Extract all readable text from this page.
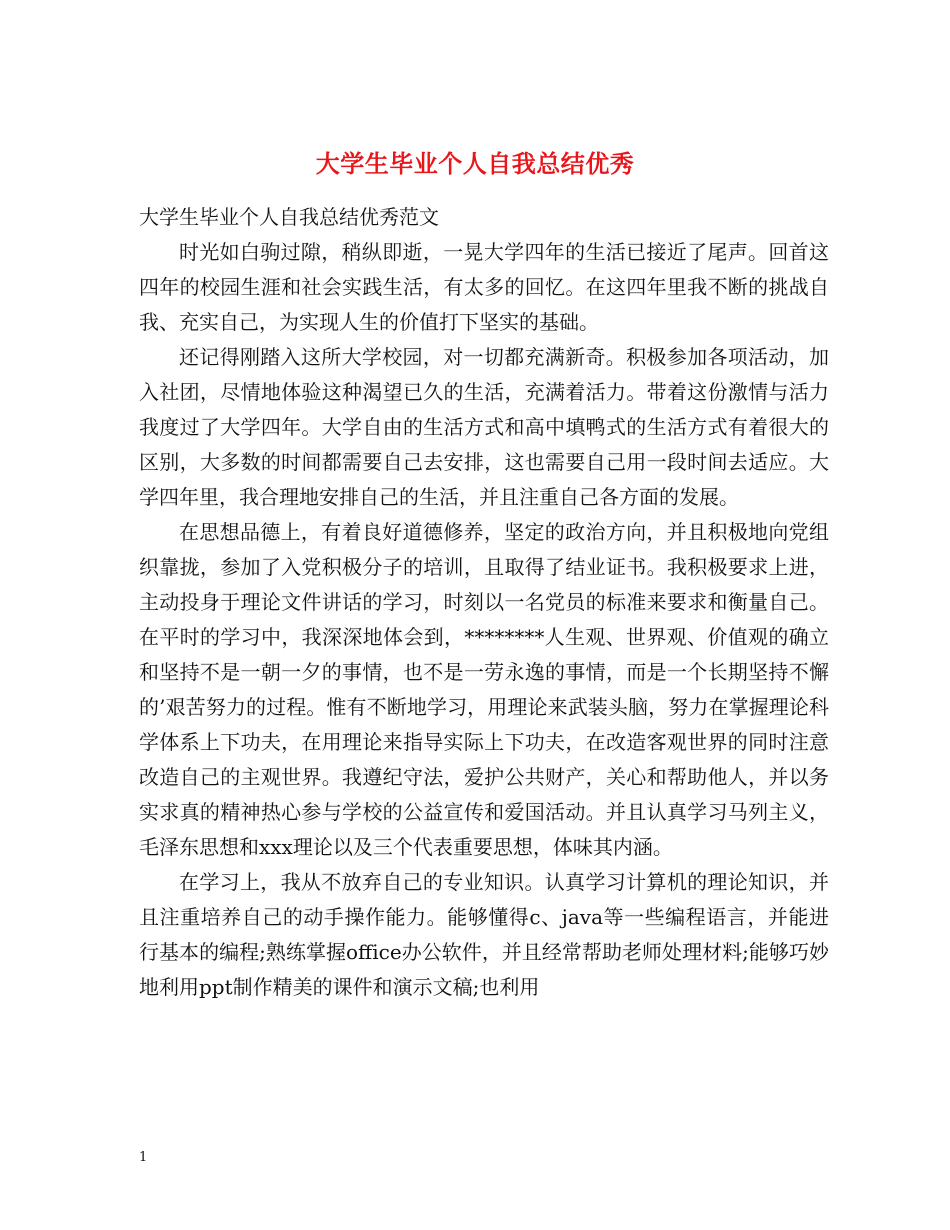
大学生毕业个人自我总结优秀

大学生毕业个人自我总结优秀范文

时光如白驹过隙，稍纵即逝，一晃大学四年的生活已接近了尾声。回首这四年的校园生涯和社会实践生活，有太多的回忆。在这四年里我不断的挑战自我、充实自己，为实现人生的价值打下坚实的基础。

还记得刚踏入这所大学校园，对一切都充满新奇。积极参加各项活动，加入社团，尽情地体验这种渴望已久的生活，充满着活力。带着这份激情与活力我度过了大学四年。大学自由的生活方式和高中填鸭式的生活方式有着很大的区别，大多数的时间都需要自己去安排，这也需要自己用一段时间去适应。大学四年里，我合理地安排自己的生活，并且注重自己各方面的发展。

在思想品德上，有着良好道德修养，坚定的政治方向，并且积极地向党组织靠拢，参加了入党积极分子的培训，且取得了结业证书。我积极要求上进，主动投身于理论文件讲话的学习，时刻以一名党员的标准来要求和衡量自己。在平时的学习中，我深深地体会到，********人生观、世界观、价值观的确立和坚持不是一朝一夕的事情，也不是一劳永逸的事情，而是一个长期坚持不懈的’艰苦努力的过程。惟有不断地学习，用理论来武装头脑，努力在掌握理论科学体系上下功夫，在用理论来指导实际上下功夫，在改造客观世界的同时注意改造自己的主观世界。我遵纪守法，爱护公共财产，关心和帮助他人，并以务实求真的精神热心参与学校的公益宣传和爱国活动。并且认真学习马列主义，毛泽东思想和xxx理论以及三个代表重要思想，体味其内涵。

在学习上，我从不放弃自己的专业知识。认真学习计算机的理论知识，并且注重培养自己的动手操作能力。能够懂得c、java等一些编程语言，并能进行基本的编程;熟练掌握office办公软件，并且经常帮助老师处理材料;能够巧妙地利用ppt制作精美的课件和演示文稿;也利用

1
